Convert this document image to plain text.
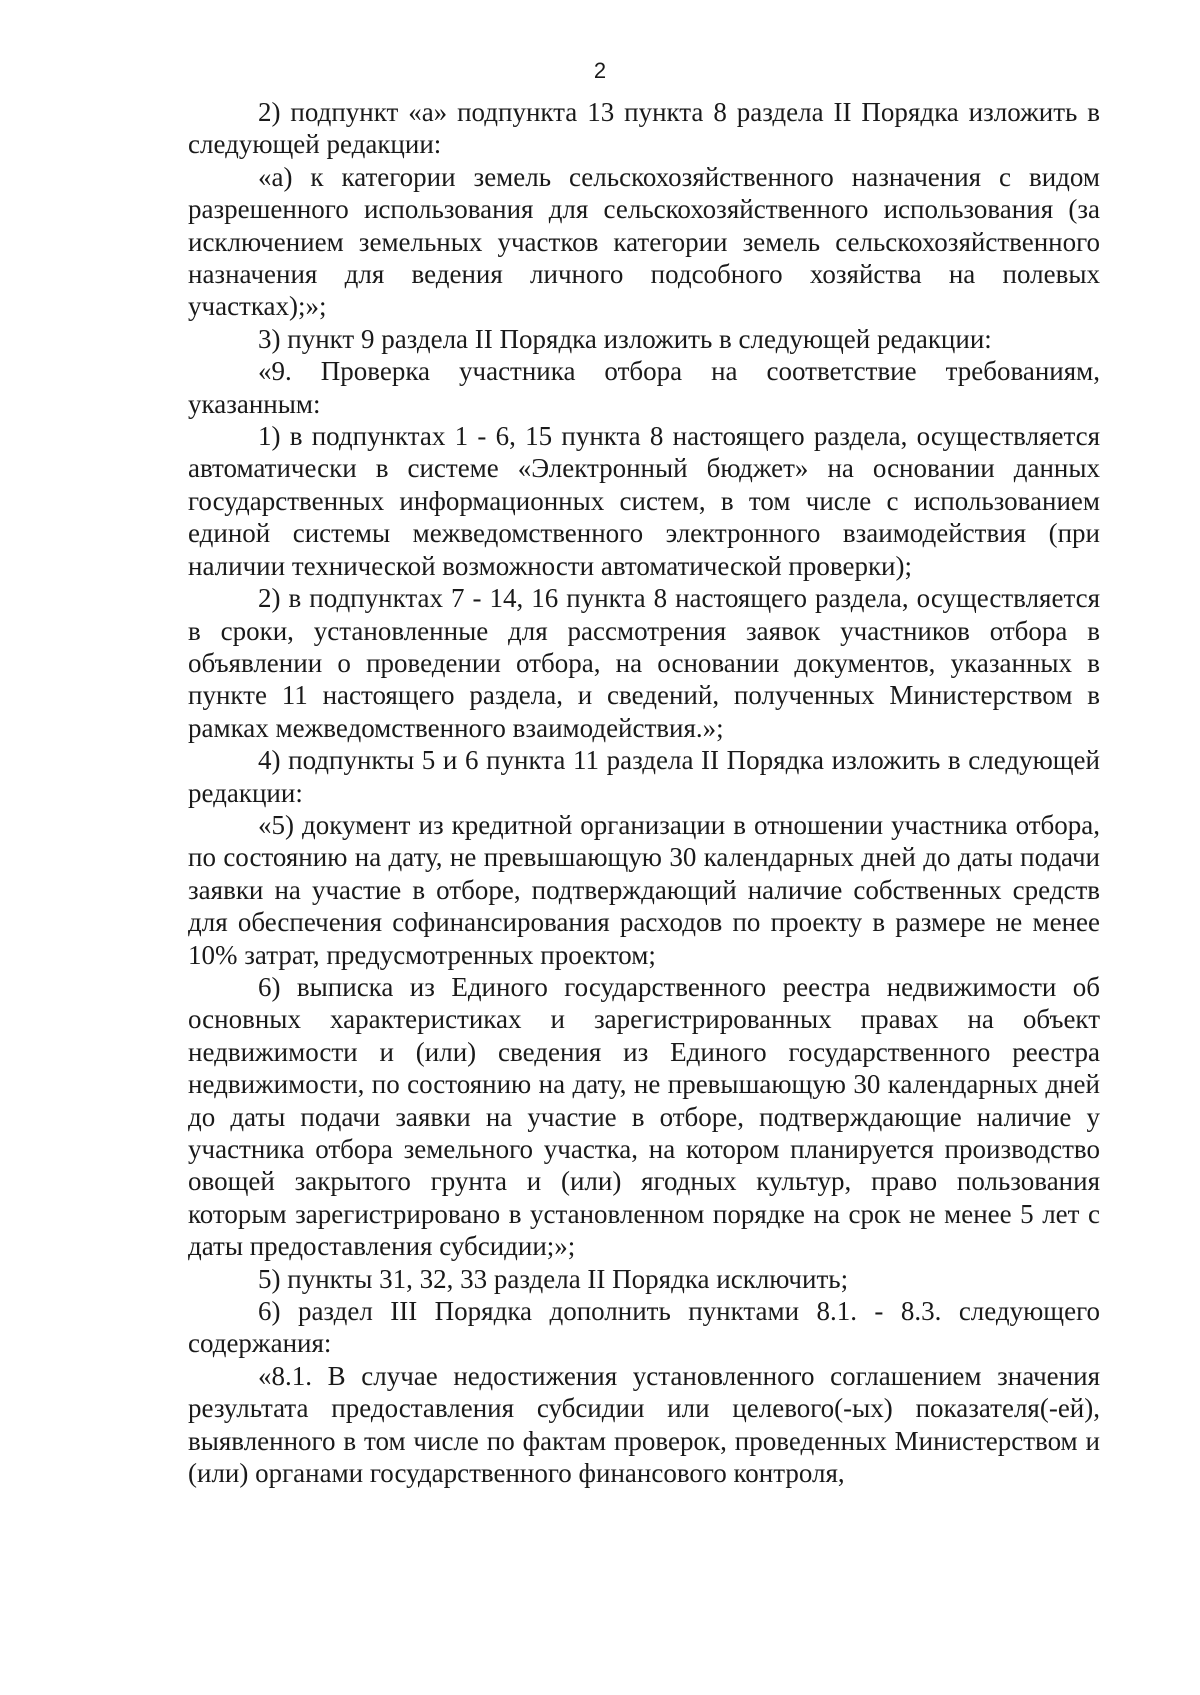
2

2) подпункт «а» подпункта 13 пункта 8 раздела II Порядка изложить в следующей редакции:

«а) к категории земель сельскохозяйственного назначения с видом разрешенного использования для сельскохозяйственного использования (за исключением земельных участков категории земель сельскохозяйственного назначения для ведения личного подсобного хозяйства на полевых участках);»;

3) пункт 9 раздела II Порядка изложить в следующей редакции:

«9. Проверка участника отбора на соответствие требованиям, указанным:

1) в подпунктах 1 - 6, 15 пункта 8 настоящего раздела, осуществляется автоматически в системе «Электронный бюджет» на основании данных государственных информационных систем, в том числе с использованием единой системы межведомственного электронного взаимодействия (при наличии технической возможности автоматической проверки);

2) в подпунктах 7 - 14, 16 пункта 8 настоящего раздела, осуществляется в сроки, установленные для рассмотрения заявок участников отбора в объявлении о проведении отбора, на основании документов, указанных в пункте 11 настоящего раздела, и сведений, полученных Министерством в рамках межведомственного взаимодействия.»;

4) подпункты 5 и 6 пункта 11 раздела II Порядка изложить в следующей редакции:

«5) документ из кредитной организации в отношении участника отбора, по состоянию на дату, не превышающую 30 календарных дней до даты подачи заявки на участие в отборе, подтверждающий наличие собственных средств для обеспечения софинансирования расходов по проекту в размере не менее 10% затрат, предусмотренных проектом;

6) выписка из Единого государственного реестра недвижимости об основных характеристиках и зарегистрированных правах на объект недвижимости и (или) сведения из Единого государственного реестра недвижимости, по состоянию на дату, не превышающую 30 календарных дней до даты подачи заявки на участие в отборе, подтверждающие наличие у участника отбора земельного участка, на котором планируется производство овощей закрытого грунта и (или) ягодных культур, право пользования которым зарегистрировано в установленном порядке на срок не менее 5 лет с даты предоставления субсидии;»;

5) пункты 31, 32, 33 раздела II Порядка исключить;

6) раздел III Порядка дополнить пунктами 8.1. - 8.3. следующего содержания:

«8.1. В случае недостижения установленного соглашением значения результата предоставления субсидии или целевого(-ых) показателя(-ей), выявленного в том числе по фактам проверок, проведенных Министерством и (или) органами государственного финансового контроля,
